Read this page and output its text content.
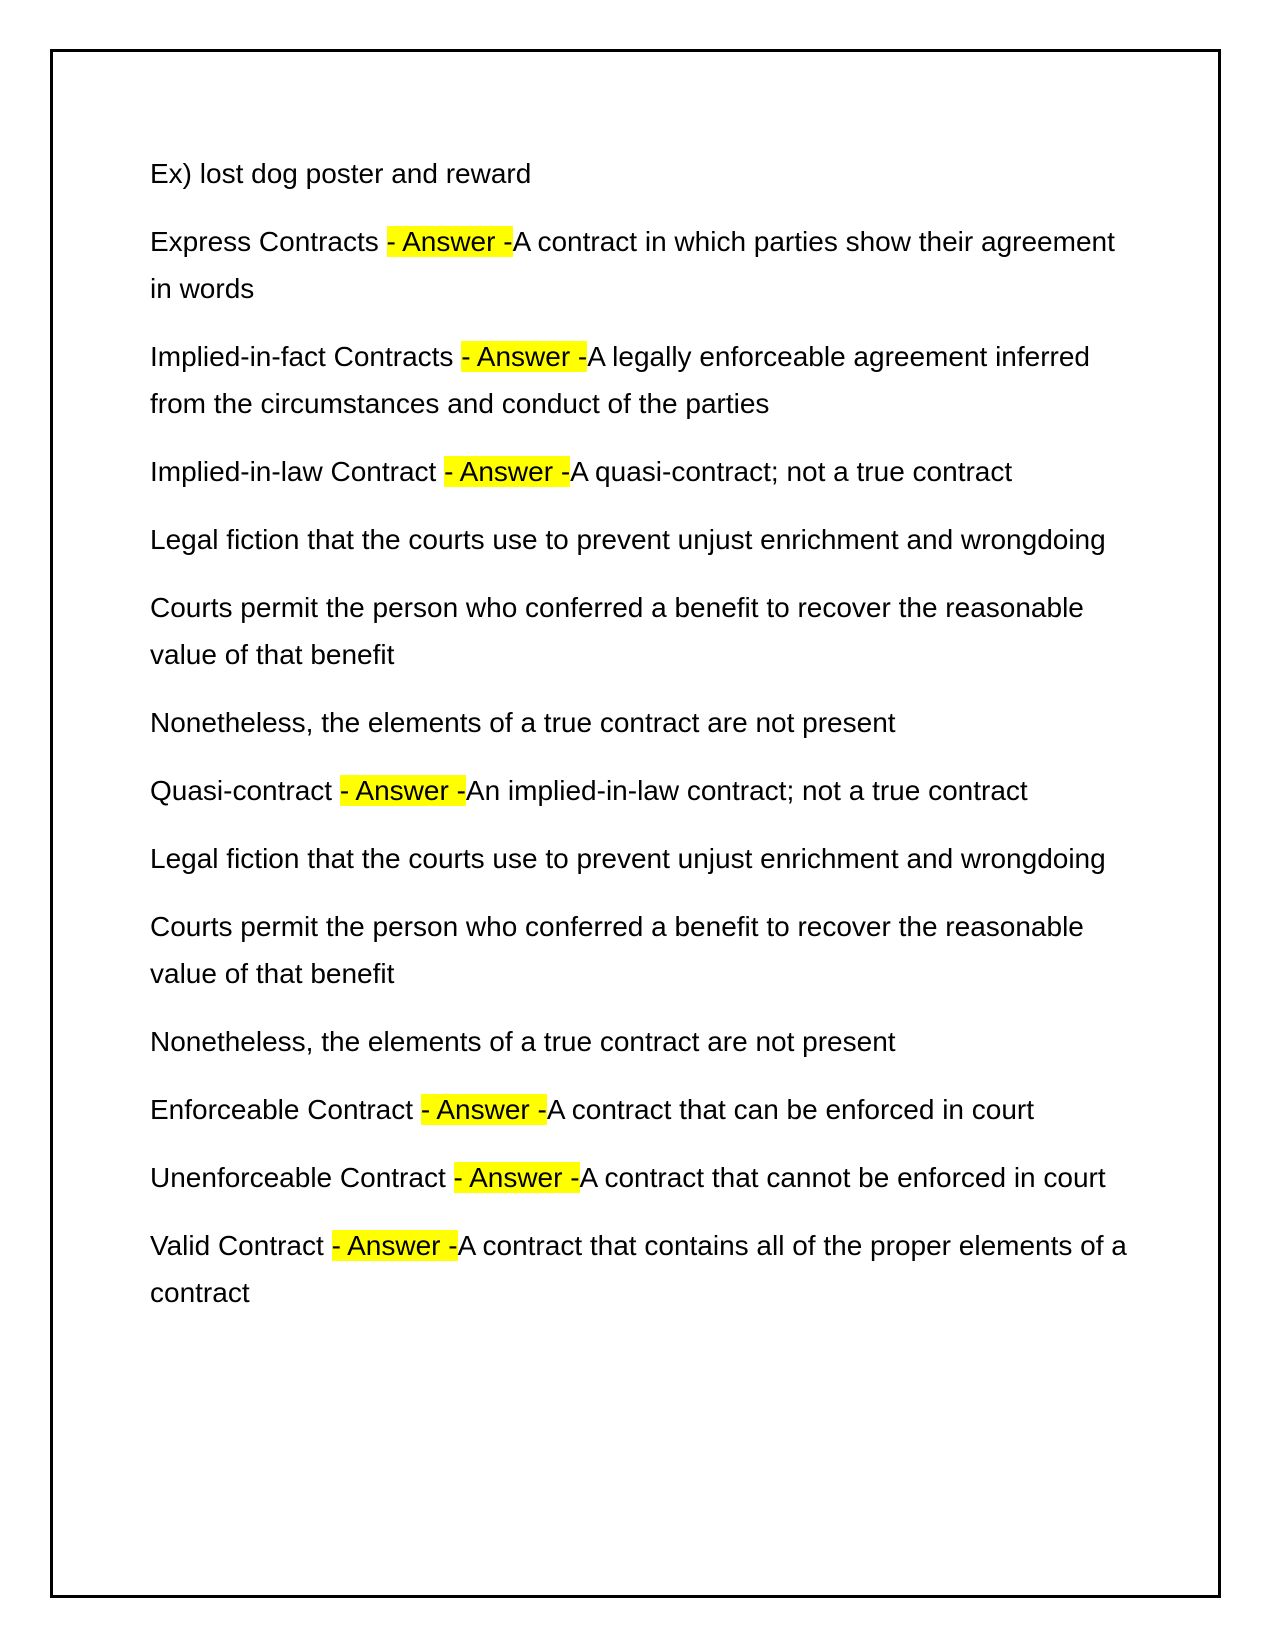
Ex) lost dog poster and reward

Express Contracts - Answer -A contract in which parties show their agreement in words

Implied-in-fact Contracts - Answer -A legally enforceable agreement inferred from the circumstances and conduct of the parties

Implied-in-law Contract - Answer -A quasi-contract; not a true contract

Legal fiction that the courts use to prevent unjust enrichment and wrongdoing

Courts permit the person who conferred a benefit to recover the reasonable value of that benefit

Nonetheless, the elements of a true contract are not present

Quasi-contract - Answer -An implied-in-law contract; not a true contract

Legal fiction that the courts use to prevent unjust enrichment and wrongdoing

Courts permit the person who conferred a benefit to recover the reasonable value of that benefit

Nonetheless, the elements of a true contract are not present

Enforceable Contract - Answer -A contract that can be enforced in court

Unenforceable Contract - Answer -A contract that cannot be enforced in court

Valid Contract - Answer -A contract that contains all of the proper elements of a contract
